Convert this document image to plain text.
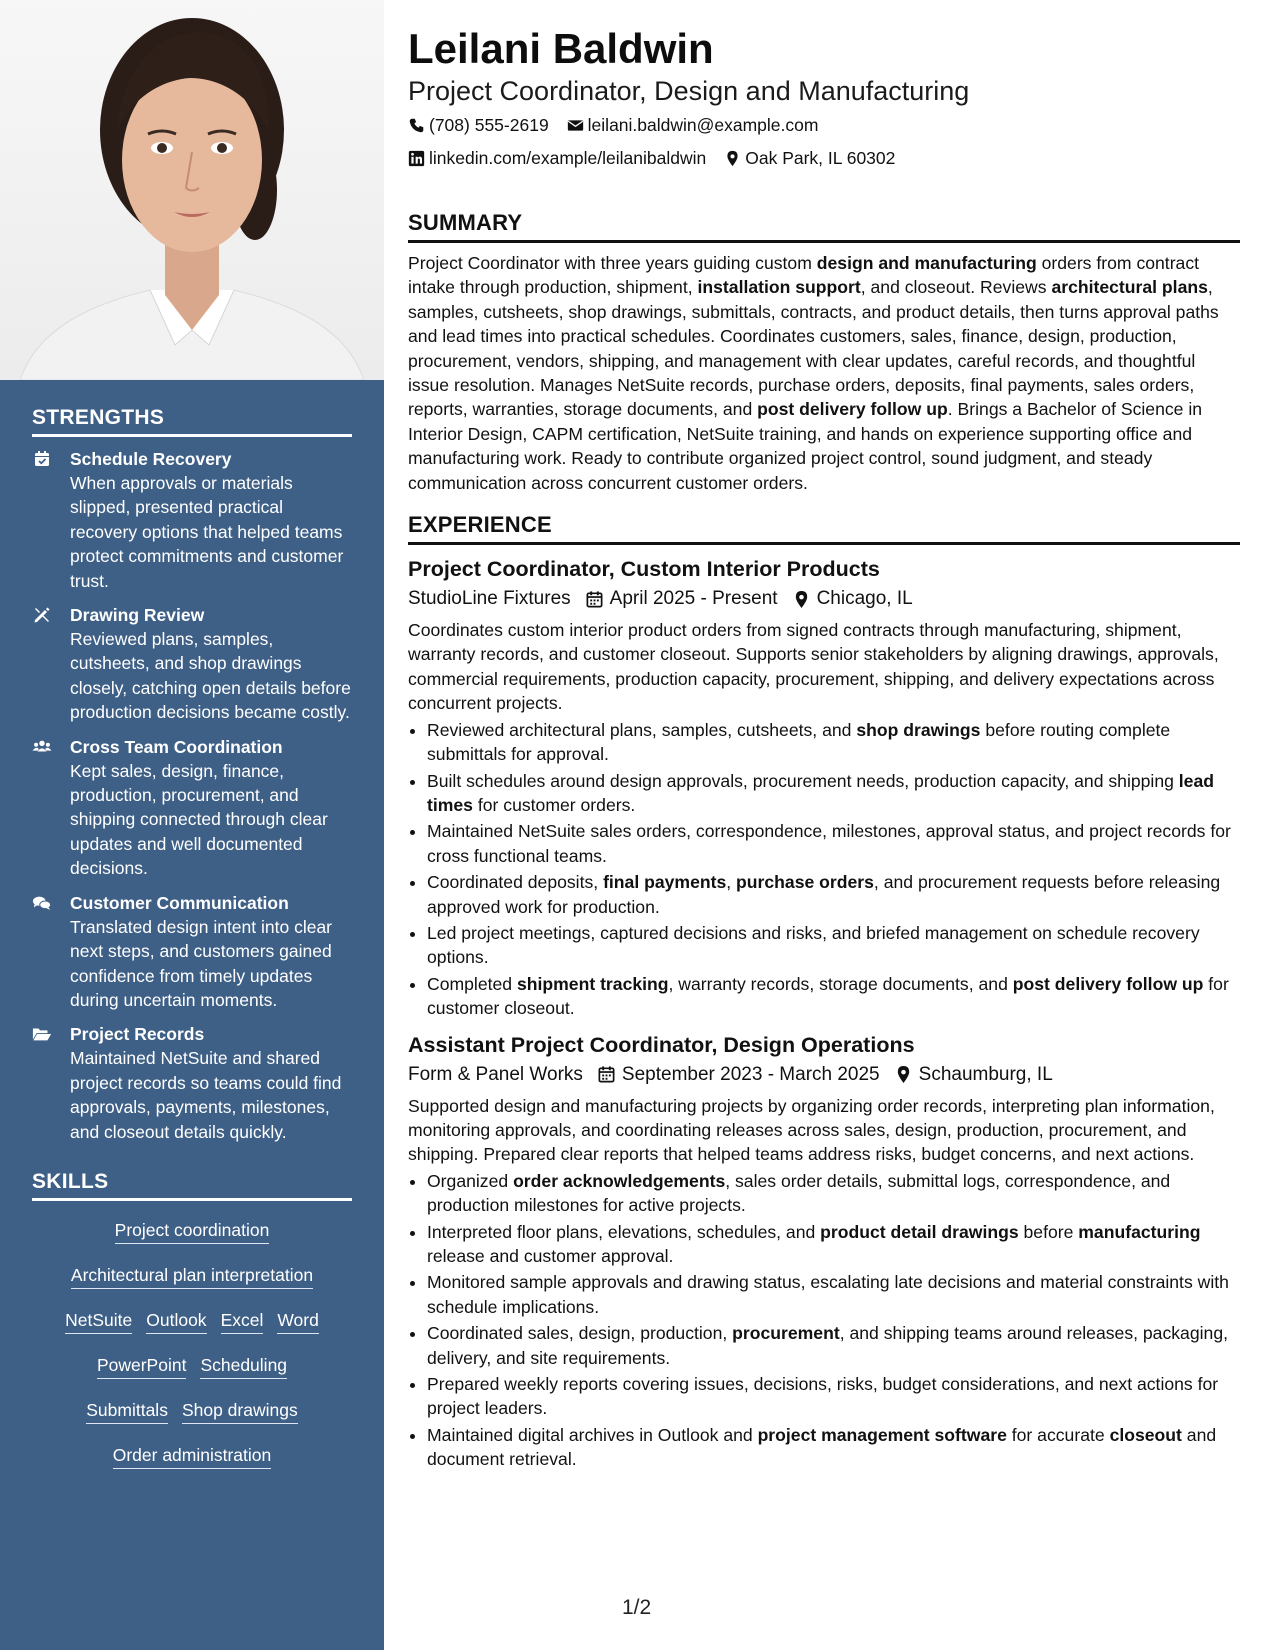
STRENGTHS
Schedule Recovery
When approvals or materials slipped, presented practical recovery options that helped teams protect commitments and customer trust.
Drawing Review
Reviewed plans, samples, cutsheets, and shop drawings closely, catching open details before production decisions became costly.
Cross Team Coordination
Kept sales, design, finance, production, procurement, and shipping connected through clear updates and well documented decisions.
Customer Communication
Translated design intent into clear next steps, and customers gained confidence from timely updates during uncertain moments.
Project Records
Maintained NetSuite and shared project records so teams could find approvals, payments, milestones, and closeout details quickly.
SKILLS
Project coordination
Architectural plan interpretation
NetSuite Outlook Excel Word
PowerPoint Scheduling
Submittals Shop drawings
Order administration
Leilani Baldwin
Project Coordinator, Design and Manufacturing
(708) 555-2619 leilani.baldwin@example.com
linkedin.com/example/leilanibaldwin Oak Park, IL 60302
SUMMARY
Project Coordinator with three years guiding custom design and manufacturing orders from contract intake through production, shipment, installation support, and closeout. Reviews architectural plans, samples, cutsheets, shop drawings, submittals, contracts, and product details, then turns approval paths and lead times into practical schedules. Coordinates customers, sales, finance, design, production, procurement, vendors, shipping, and management with clear updates, careful records, and thoughtful issue resolution. Manages NetSuite records, purchase orders, deposits, final payments, sales orders, reports, warranties, storage documents, and post delivery follow up. Brings a Bachelor of Science in Interior Design, CAPM certification, NetSuite training, and hands on experience supporting office and manufacturing work. Ready to contribute organized project control, sound judgment, and steady communication across concurrent customer orders.
EXPERIENCE
Project Coordinator, Custom Interior Products
StudioLine Fixtures April 2025 - Present Chicago, IL
Coordinates custom interior product orders from signed contracts through manufacturing, shipment, warranty records, and customer closeout. Supports senior stakeholders by aligning drawings, approvals, commercial requirements, production capacity, procurement, shipping, and delivery expectations across concurrent projects.
• Reviewed architectural plans, samples, cutsheets, and shop drawings before routing complete submittals for approval.
• Built schedules around design approvals, procurement needs, production capacity, and shipping lead times for customer orders.
• Maintained NetSuite sales orders, correspondence, milestones, approval status, and project records for cross functional teams.
• Coordinated deposits, final payments, purchase orders, and procurement requests before releasing approved work for production.
• Led project meetings, captured decisions and risks, and briefed management on schedule recovery options.
• Completed shipment tracking, warranty records, storage documents, and post delivery follow up for customer closeout.
Assistant Project Coordinator, Design Operations
Form & Panel Works September 2023 - March 2025 Schaumburg, IL
Supported design and manufacturing projects by organizing order records, interpreting plan information, monitoring approvals, and coordinating releases across sales, design, production, procurement, and shipping. Prepared clear reports that helped teams address risks, budget concerns, and next actions.
• Organized order acknowledgements, sales order details, submittal logs, correspondence, and production milestones for active projects.
• Interpreted floor plans, elevations, schedules, and product detail drawings before manufacturing release and customer approval.
• Monitored sample approvals and drawing status, escalating late decisions and material constraints with schedule implications.
• Coordinated sales, design, production, procurement, and shipping teams around releases, packaging, delivery, and site requirements.
• Prepared weekly reports covering issues, decisions, risks, budget considerations, and next actions for project leaders.
• Maintained digital archives in Outlook and project management software for accurate closeout and document retrieval.
1/2
